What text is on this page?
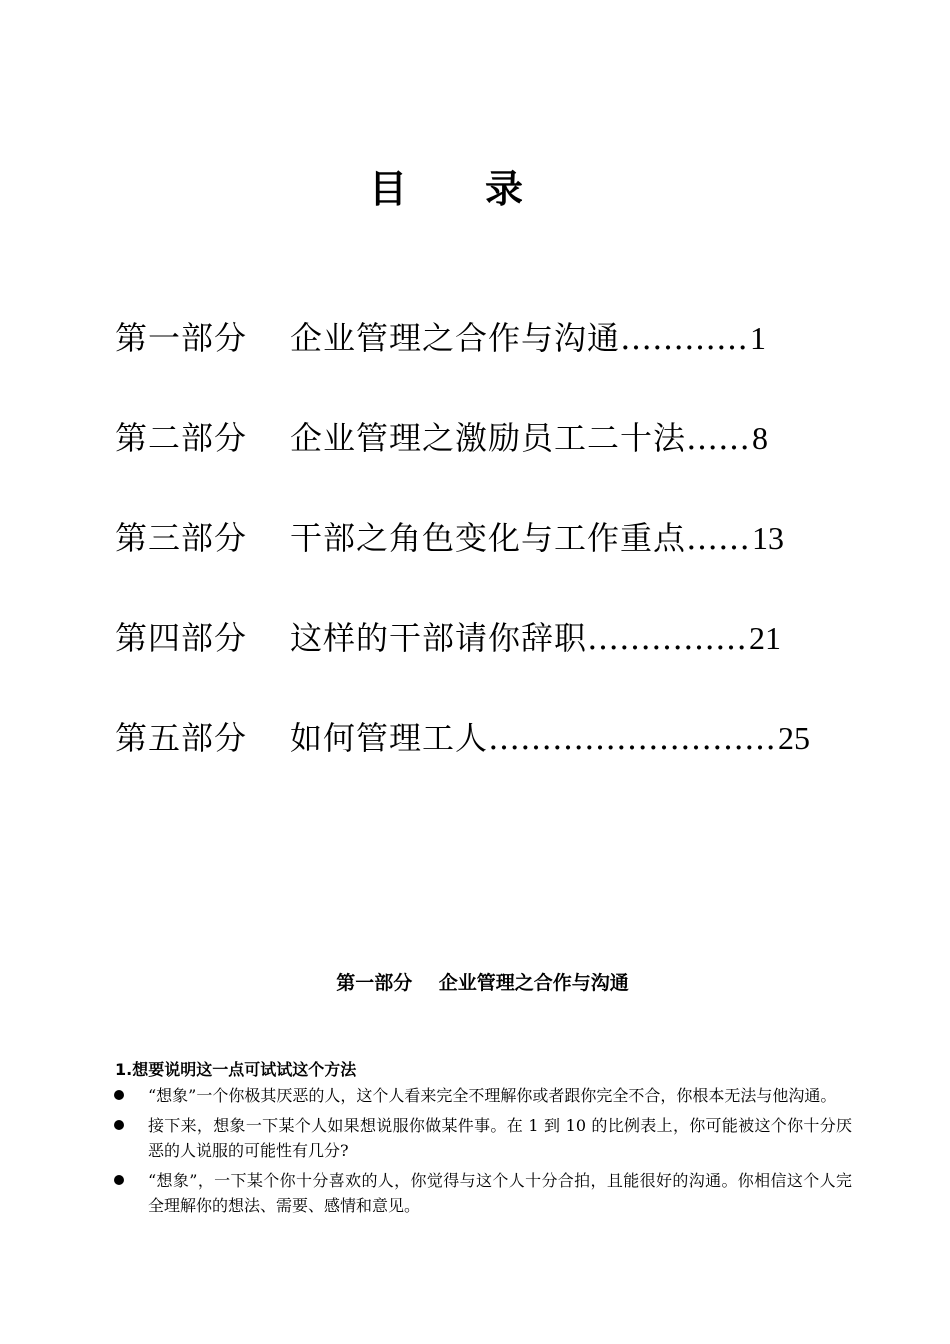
目录
第一部分	企业管理之合作与沟通 ………… 1
第二部分	企业管理之激励员工二十法 …… 8
第三部分	干部之角色变化与工作重点 …… 13
第四部分	这样的干部请你辞职 …………… 21
第五部分	如何管理工人 ……………………… 25
第一部分    企业管理之合作与沟通
1.想要说明这一点可试试这个方法
“想象”一个你极其厌恶的人，这个人看来完全不理解你或者跟你完全不合，你根本无法与他沟通。
接下来，想象一下某个人如果想说服你做某件事。在 1 到 10 的比例表上，你可能被这个你十分厌恶的人说服的可能性有几分?
“想象”，一下某个你十分喜欢的人，你觉得与这个人十分合拍，且能很好的沟通。你相信这个人完全理解你的想法、需要、感情和意见。
